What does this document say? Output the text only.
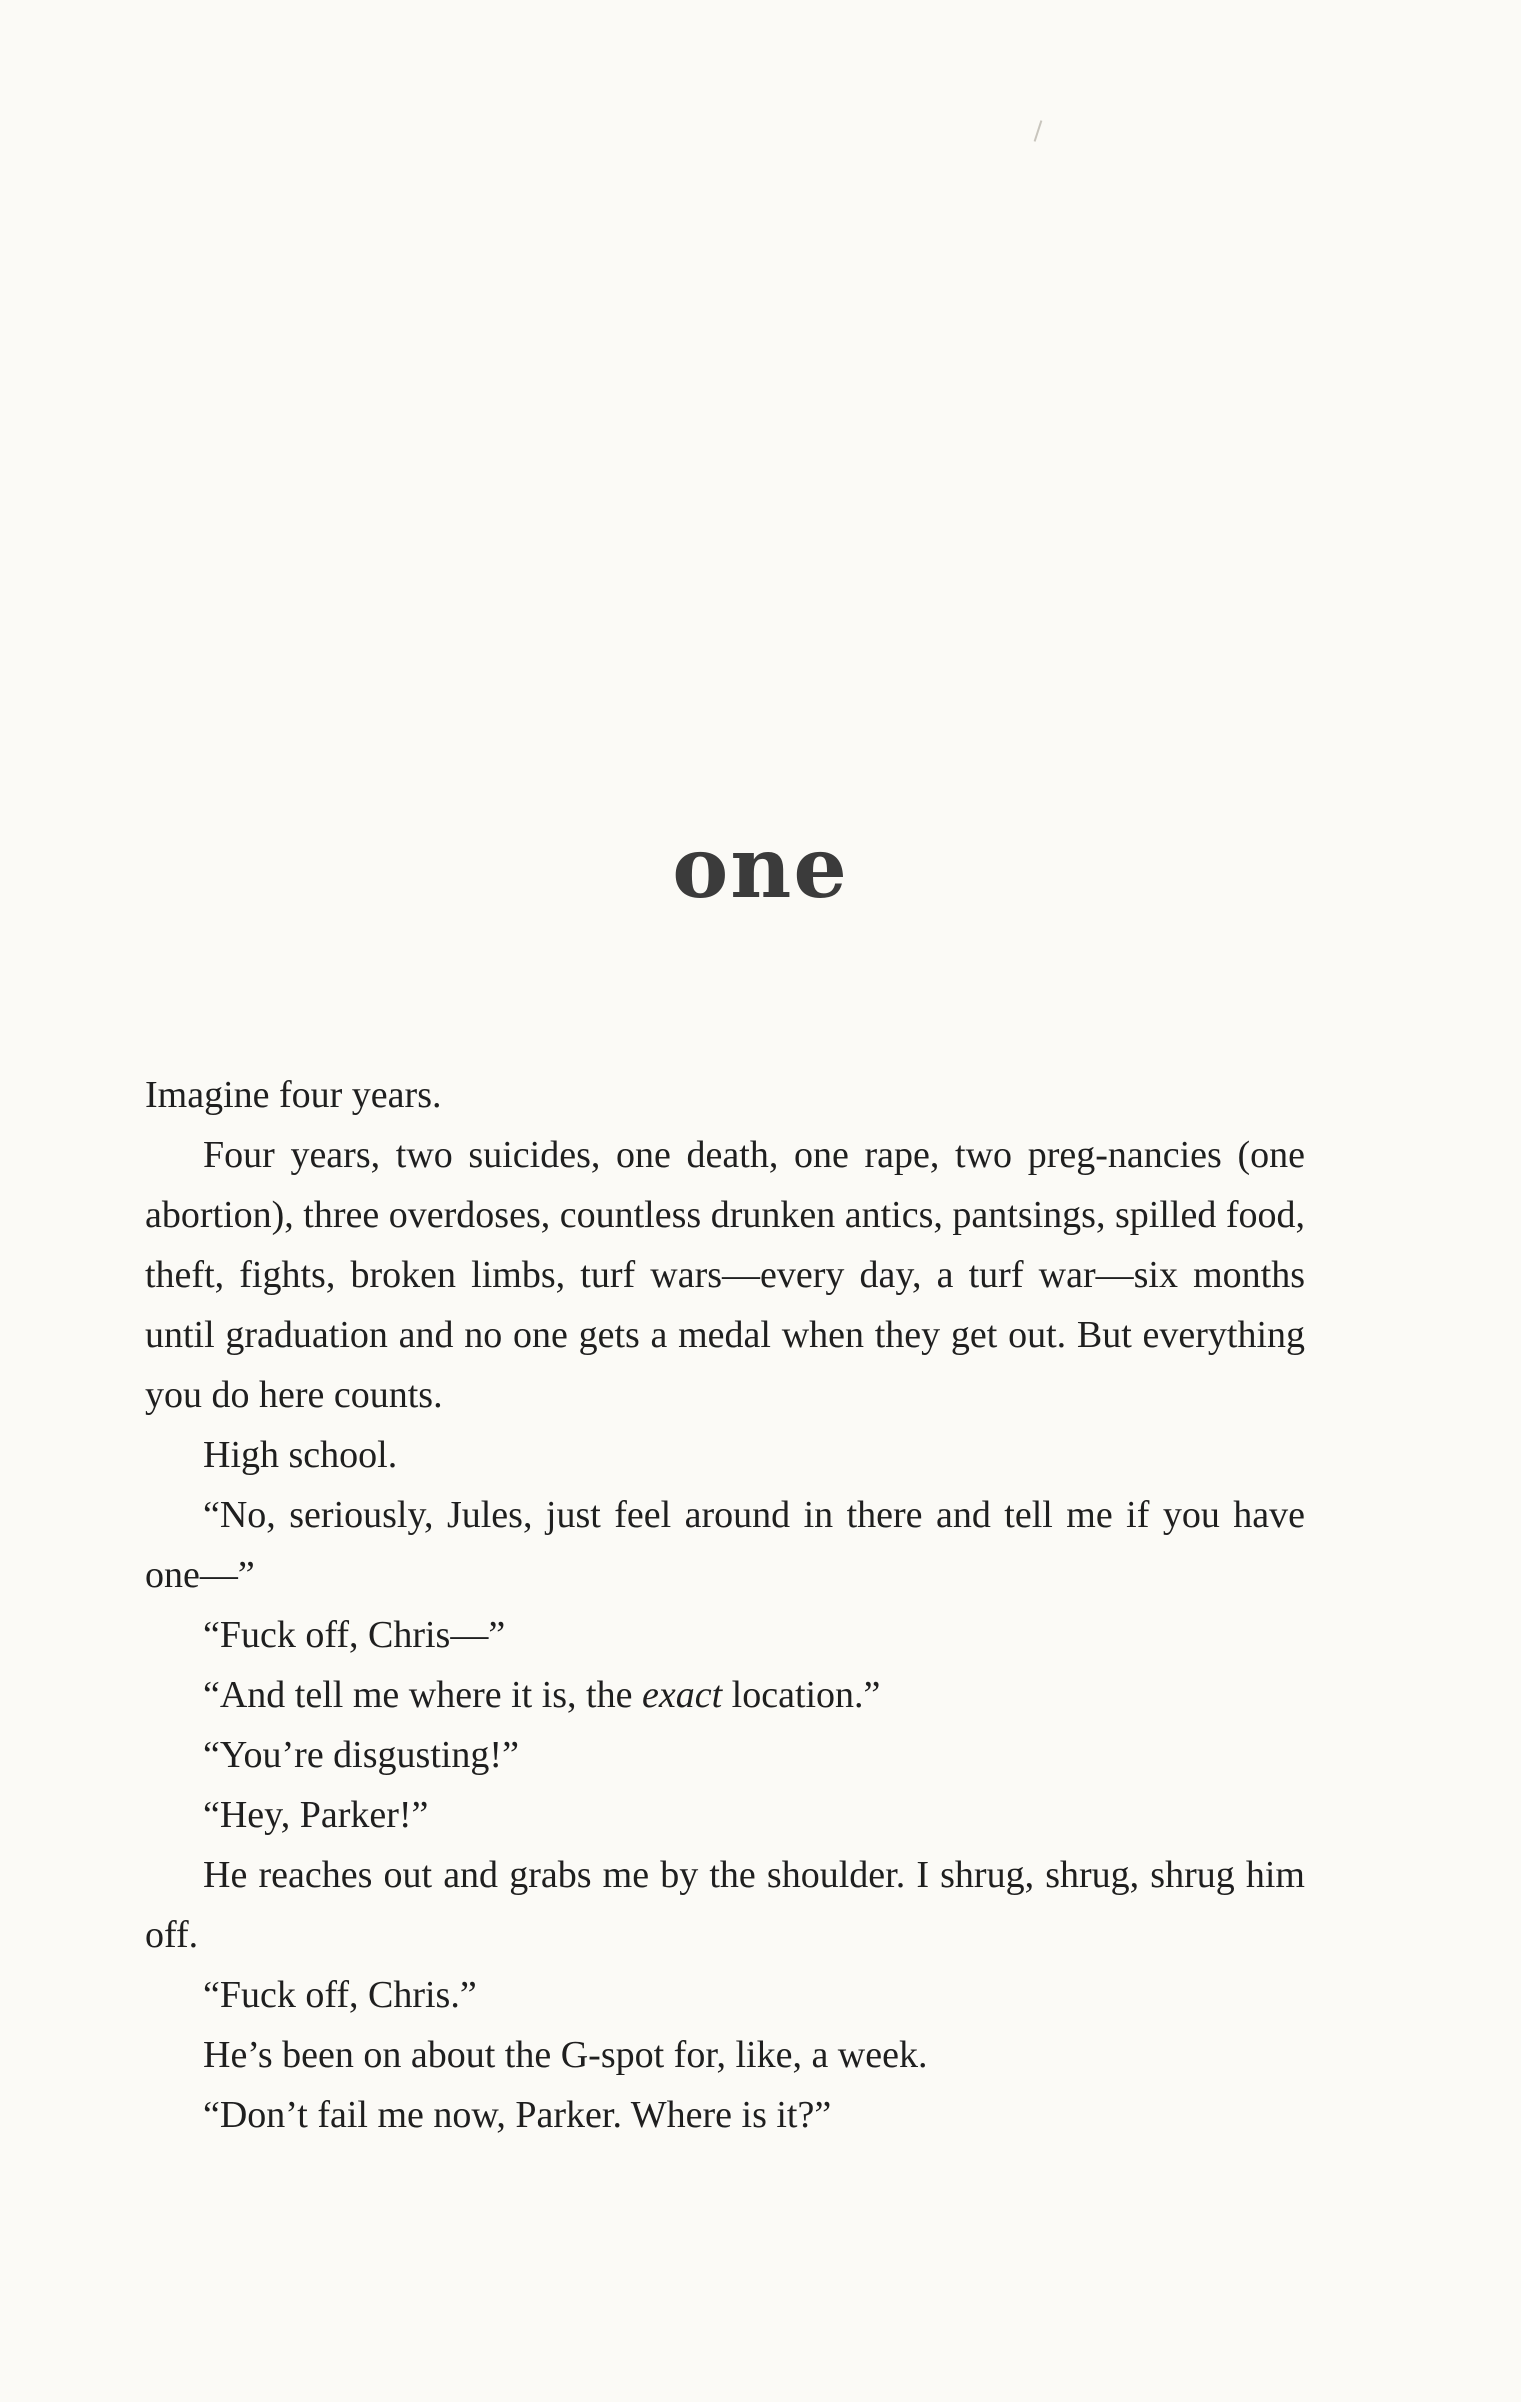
one

Imagine four years.

Four years, two suicides, one death, one rape, two preg-nancies (one abortion), three overdoses, countless drunken antics, pantsings, spilled food, theft, fights, broken limbs, turf wars—every day, a turf war—six months until graduation and no one gets a medal when they get out. But everything you do here counts.

High school.

“No, seriously, Jules, just feel around in there and tell me if you have one—”

“Fuck off, Chris—”

“And tell me where it is, the exact location.”

“You’re disgusting!”

“Hey, Parker!”

He reaches out and grabs me by the shoulder. I shrug, shrug, shrug him off.

“Fuck off, Chris.”

He’s been on about the G-spot for, like, a week.

“Don’t fail me now, Parker. Where is it?”
